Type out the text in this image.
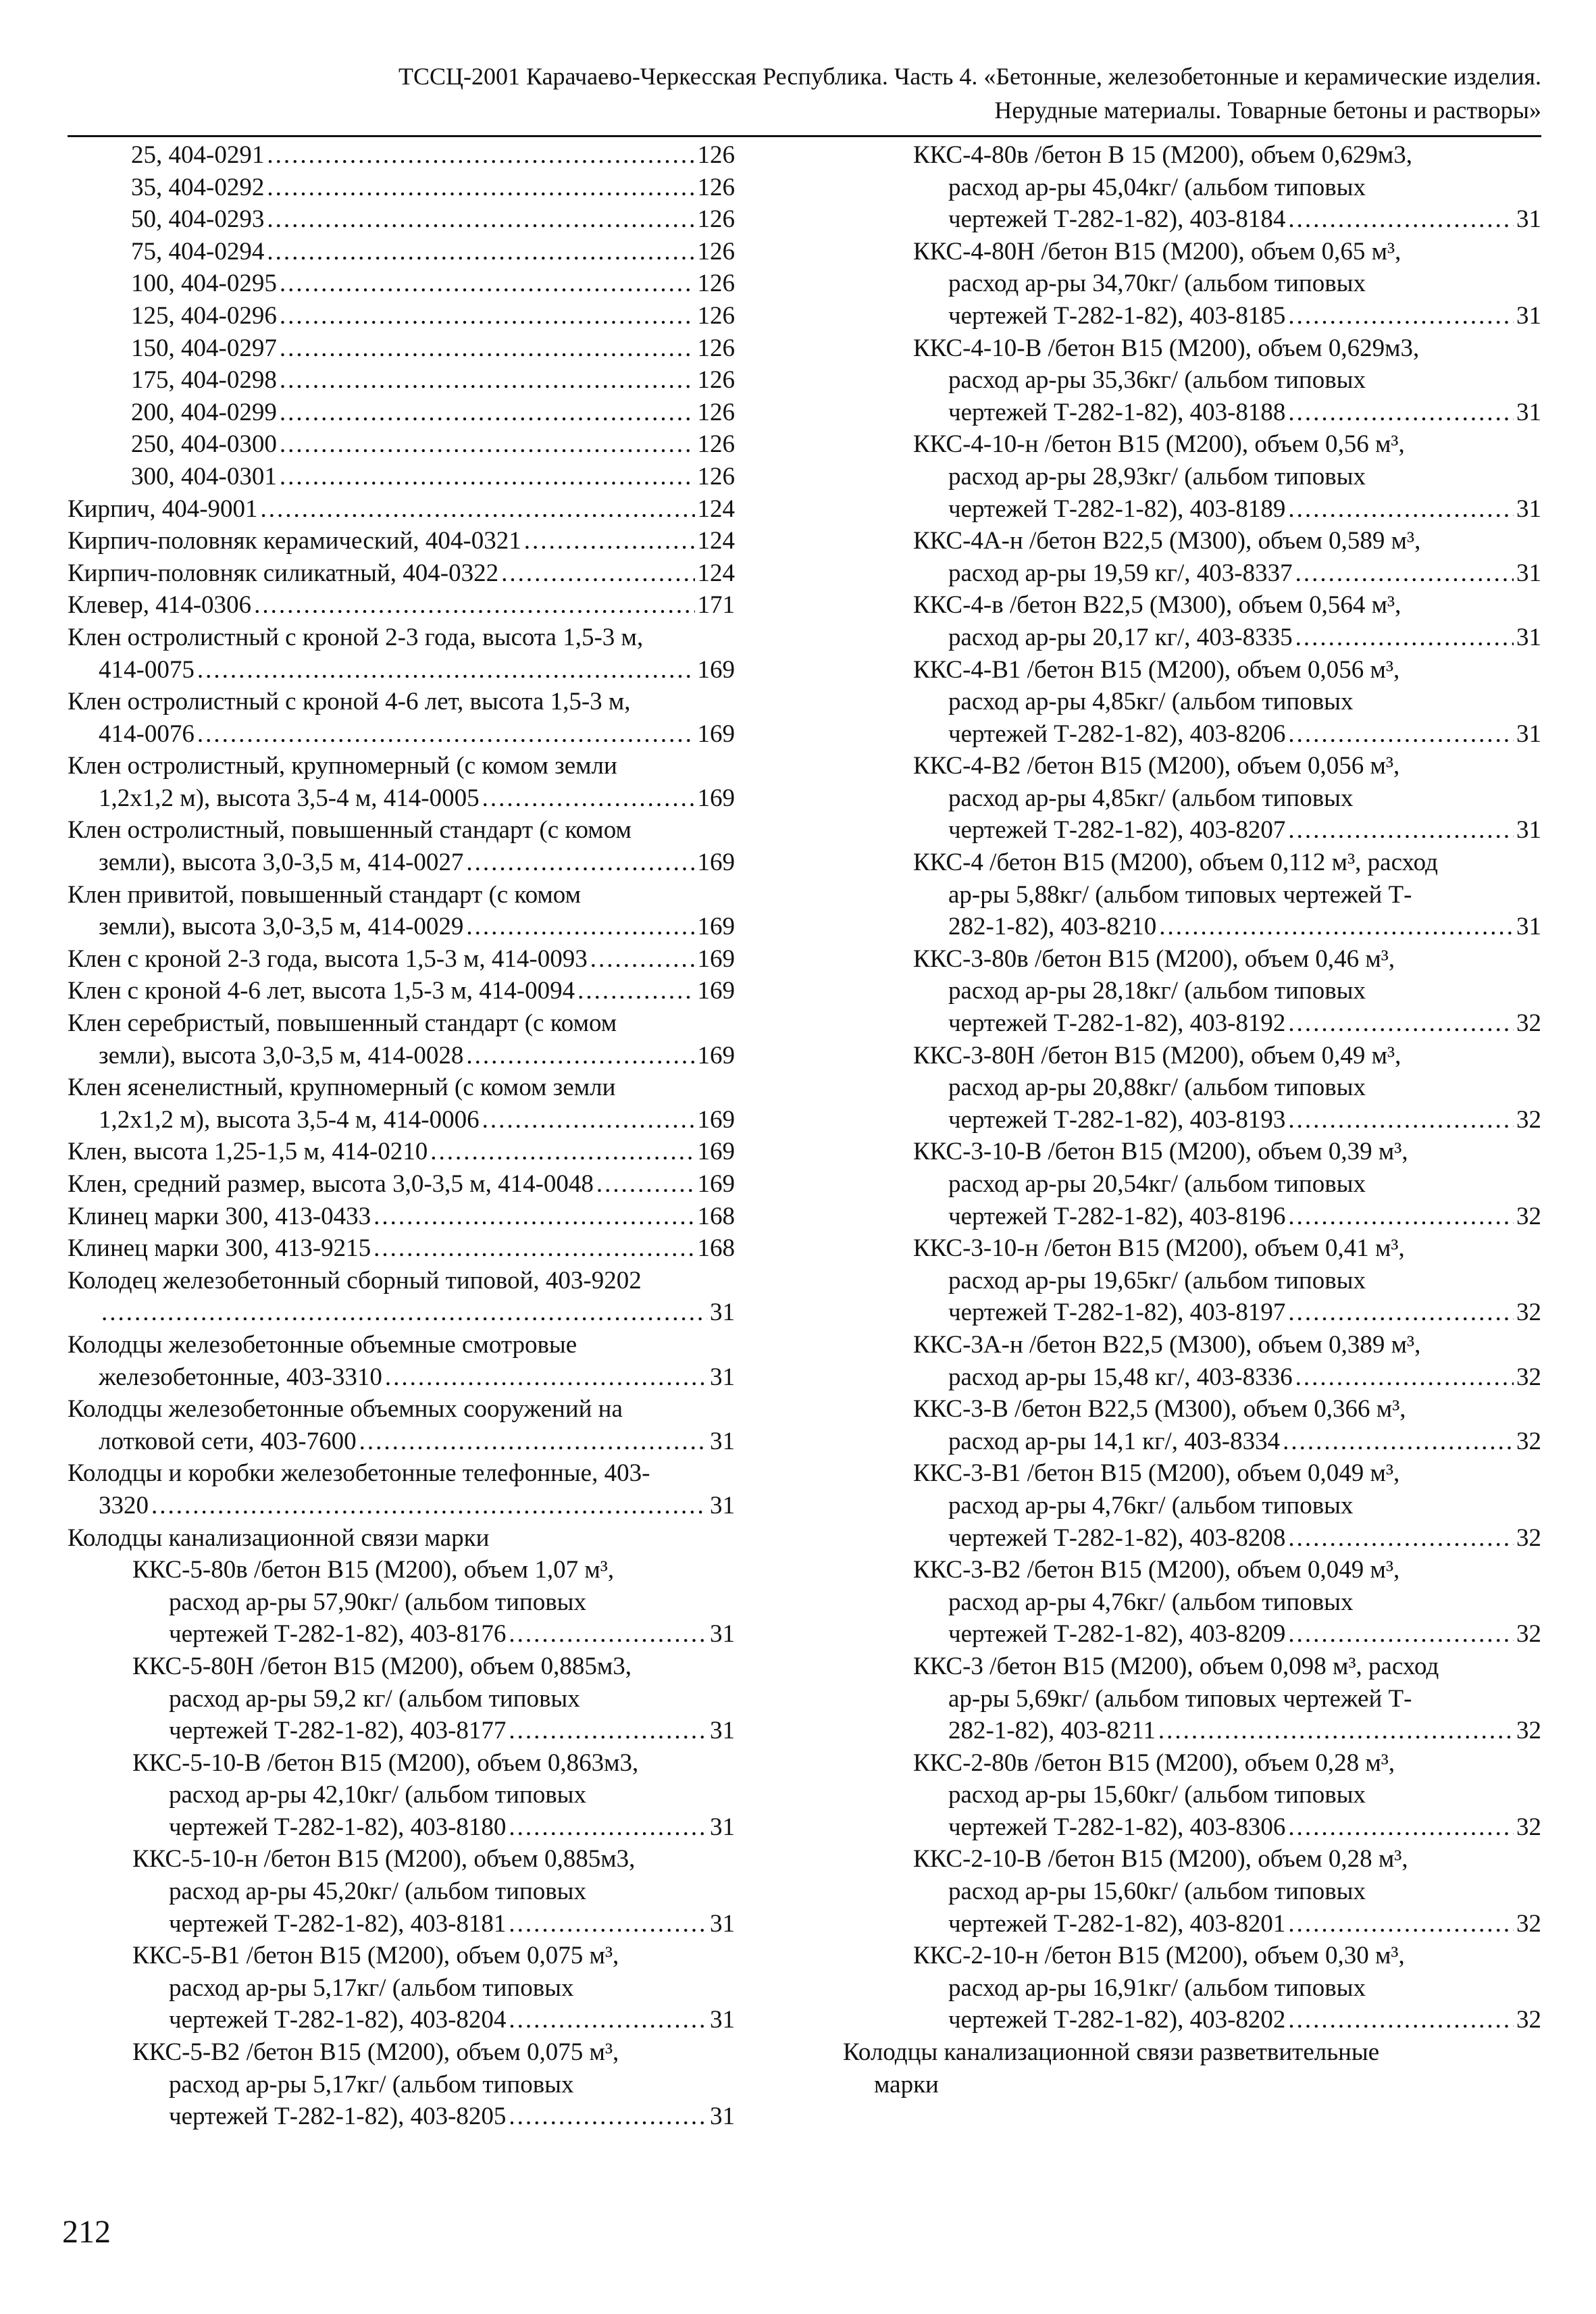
ТССЦ-2001 Карачаево-Черкесская Республика. Часть 4. «Бетонные, железобетонные и керамические изделия.
Нерудные материалы. Товарные бетоны и растворы»
25, 404-0291 .....	126
35, 404-0292 .....	126
50, 404-0293 .....	126
75, 404-0294 .....	126
100, 404-0295 .....	126
125, 404-0296 .....	126
150, 404-0297 .....	126
175, 404-0298 .....	126
200, 404-0299 .....	126
250, 404-0300 .....	126
300, 404-0301 .....	126
Кирпич, 404-9001 .....	124
Кирпич-половняк керамический, 404-0321 .....	124
Кирпич-половняк силикатный, 404-0322 .....	124
Клевер, 414-0306 .....	171
Клен остролистный с кроной 2-3 года, высота 1,5-3 м,
414-0075 .....	169
Клен остролистный с кроной 4-6 лет, высота 1,5-3 м,
414-0076 .....	169
Клен остролистный, крупномерный (с комом земли
1,2х1,2 м), высота 3,5-4 м, 414-0005 .....	169
Клен остролистный, повышенный стандарт (с комом
земли), высота 3,0-3,5 м, 414-0027 .....	169
Клен привитой, повышенный стандарт (с комом
земли), высота 3,0-3,5 м, 414-0029 .....	169
Клен с кроной 2-3 года, высота 1,5-3 м, 414-0093 .....	169
Клен с кроной 4-6 лет, высота 1,5-3 м, 414-0094 .....	169
Клен серебристый, повышенный стандарт (с комом
земли), высота 3,0-3,5 м, 414-0028 .....	169
Клен ясенелистный, крупномерный (с комом земли
1,2х1,2 м), высота 3,5-4 м, 414-0006 .....	169
Клен, высота 1,25-1,5 м, 414-0210 .....	169
Клен, средний размер, высота 3,0-3,5 м, 414-0048 .....	169
Клинец марки 300, 413-0433 .....	168
Клинец марки 300, 413-9215 .....	168
Колодец железобетонный сборный типовой, 403-9202
.....
31
Колодцы железобетонные объемные смотровые
железобетонные, 403-3310 .....	31
Колодцы железобетонные объемных сооружений на
лотковой сети, 403-7600 .....	31
Колодцы и коробки железобетонные телефонные, 403-
3320 .....	31
Колодцы канализационной связи марки
ККС-5-80в /бетон В15 (М200), объем 1,07 м³,
расход ар-ры 57,90кг/ (альбом типовых
чертежей Т-282-1-82), 403-8176 .....	31
ККС-5-80Н /бетон В15 (М200), объем 0,885м3,
расход ар-ры 59,2 кг/ (альбом типовых
чертежей Т-282-1-82), 403-8177 .....	31
ККС-5-10-В /бетон В15 (М200), объем 0,863м3,
расход ар-ры 42,10кг/ (альбом типовых
чертежей Т-282-1-82), 403-8180 .....	31
ККС-5-10-н /бетон В15 (М200), объем 0,885м3,
расход ар-ры 45,20кг/ (альбом типовых
чертежей Т-282-1-82), 403-8181 .....	31
ККС-5-В1 /бетон В15 (М200), объем 0,075 м³,
расход ар-ры 5,17кг/ (альбом типовых
чертежей Т-282-1-82), 403-8204 .....	31
ККС-5-В2 /бетон В15 (М200), объем 0,075 м³,
расход ар-ры 5,17кг/ (альбом типовых
чертежей Т-282-1-82), 403-8205 .....	31
ККС-4-80в /бетон В 15 (М200), объем 0,629м3,
расход ар-ры 45,04кг/ (альбом типовых
чертежей Т-282-1-82), 403-8184 .....	31
ККС-4-80Н /бетон В15 (М200), объем 0,65 м³,
расход ар-ры 34,70кг/ (альбом типовых
чертежей Т-282-1-82), 403-8185 .....	31
ККС-4-10-В /бетон В15 (М200), объем 0,629м3,
расход ар-ры 35,36кг/ (альбом типовых
чертежей Т-282-1-82), 403-8188 .....	31
ККС-4-10-н /бетон В15 (М200), объем 0,56 м³,
расход ар-ры 28,93кг/ (альбом типовых
чертежей Т-282-1-82), 403-8189 .....	31
ККС-4А-н /бетон В22,5 (М300), объем 0,589 м³,
расход ар-ры 19,59 кг/, 403-8337 .....	31
ККС-4-в /бетон В22,5 (М300), объем 0,564 м³,
расход ар-ры 20,17 кг/, 403-8335 .....	31
ККС-4-В1 /бетон В15 (М200), объем 0,056 м³,
расход ар-ры 4,85кг/ (альбом типовых
чертежей Т-282-1-82), 403-8206 .....	31
ККС-4-В2 /бетон В15 (М200), объем 0,056 м³,
расход ар-ры 4,85кг/ (альбом типовых
чертежей Т-282-1-82), 403-8207 .....	31
ККС-4 /бетон В15 (М200), объем 0,112 м³, расход
ар-ры 5,88кг/ (альбом типовых чертежей Т-
282-1-82), 403-8210 .....	31
ККС-3-80в /бетон В15 (М200), объем 0,46 м³,
расход ар-ры 28,18кг/ (альбом типовых
чертежей Т-282-1-82), 403-8192 .....	32
ККС-3-80Н /бетон В15 (М200), объем 0,49 м³,
расход ар-ры 20,88кг/ (альбом типовых
чертежей Т-282-1-82), 403-8193 .....	32
ККС-3-10-В /бетон В15 (М200), объем 0,39 м³,
расход ар-ры 20,54кг/ (альбом типовых
чертежей Т-282-1-82), 403-8196 .....	32
ККС-3-10-н /бетон В15 (М200), объем 0,41 м³,
расход ар-ры 19,65кг/ (альбом типовых
чертежей Т-282-1-82), 403-8197 .....	32
ККС-3А-н /бетон В22,5 (М300), объем 0,389 м³,
расход ар-ры 15,48 кг/, 403-8336 .....	32
ККС-3-В /бетон В22,5 (М300), объем 0,366 м³,
расход ар-ры 14,1 кг/, 403-8334 .....	32
ККС-3-В1 /бетон В15 (М200), объем 0,049 м³,
расход ар-ры 4,76кг/ (альбом типовых
чертежей Т-282-1-82), 403-8208 .....	32
ККС-3-В2 /бетон В15 (М200), объем 0,049 м³,
расход ар-ры 4,76кг/ (альбом типовых
чертежей Т-282-1-82), 403-8209 .....	32
ККС-3 /бетон В15 (М200), объем 0,098 м³, расход
ар-ры 5,69кг/ (альбом типовых чертежей Т-
282-1-82), 403-8211 .....	32
ККС-2-80в /бетон В15 (М200), объем 0,28 м³,
расход ар-ры 15,60кг/ (альбом типовых
чертежей Т-282-1-82), 403-8306 .....	32
ККС-2-10-В /бетон В15 (М200), объем 0,28 м³,
расход ар-ры 15,60кг/ (альбом типовых
чертежей Т-282-1-82), 403-8201 .....	32
ККС-2-10-н /бетон В15 (М200), объем 0,30 м³,
расход ар-ры 16,91кг/ (альбом типовых
чертежей Т-282-1-82), 403-8202 .....	32
Колодцы канализационной связи разветвительные
марки
212
